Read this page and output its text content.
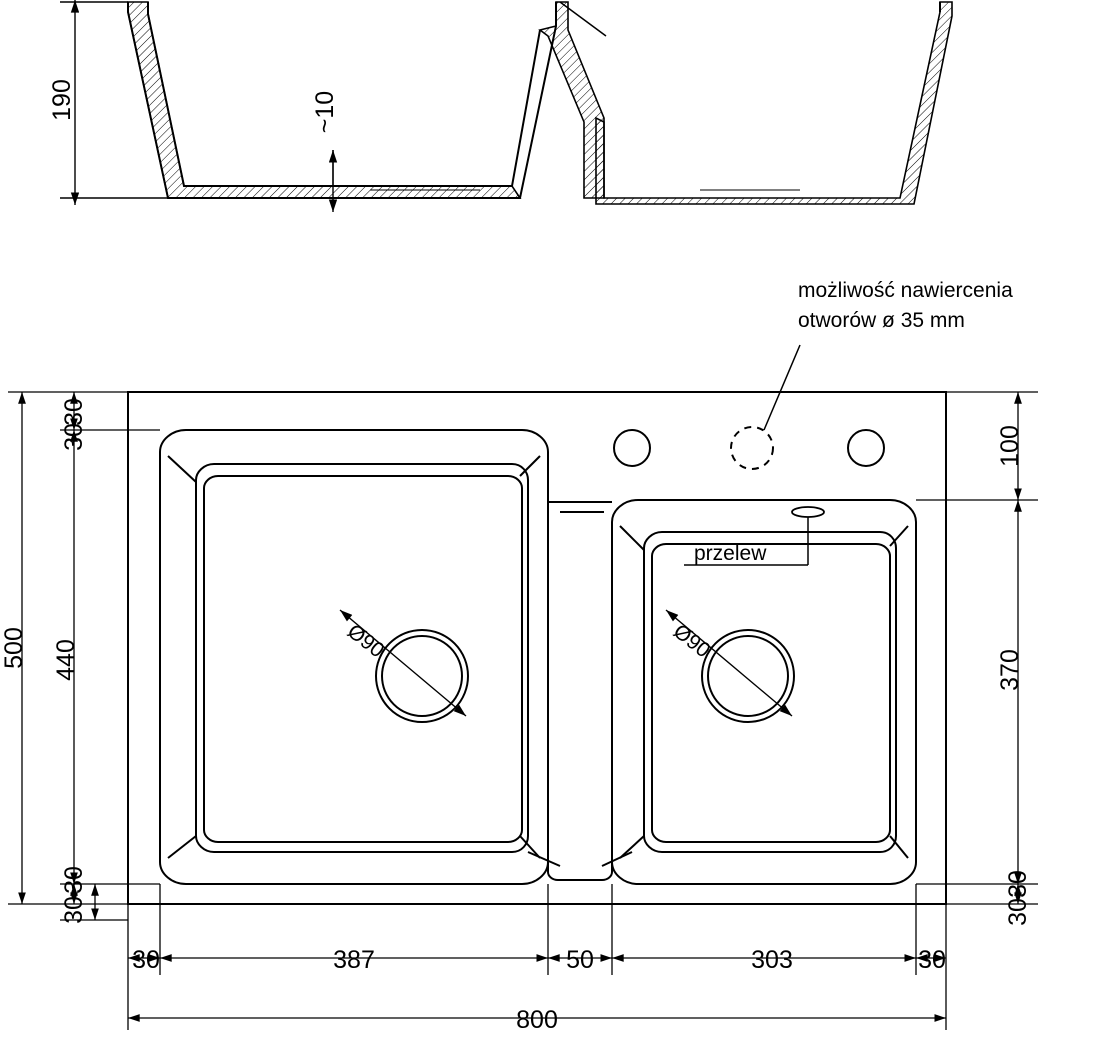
190	~10
przelew
możliwość nawiercenia
otworów ø 35 mm
Ø90	Ø90
500 440
30
30
30
30
100
370
30
30
30	387	50	303	30
800
